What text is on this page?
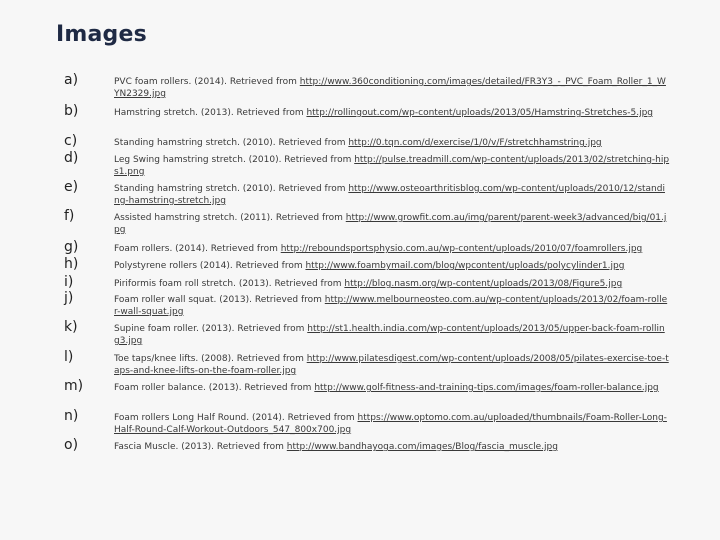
Images
a)	PVC foam rollers. (2014). Retrieved from http://www.360conditioning.com/images/detailed/FR3Y3_-_PVC_Foam_Roller_1_WYN2329.jpg
b)	Hamstring stretch. (2013). Retrieved from http://rollingout.com/wp-content/uploads/2013/05/Hamstring-Stretches-5.jpg
c)	Standing hamstring stretch. (2010). Retrieved from http://0.tqn.com/d/exercise/1/0/v/F/stretchhamstring.jpg
d)	Leg Swing hamstring stretch. (2010). Retrieved from http://pulse.treadmill.com/wp-content/uploads/2013/02/stretching-hips1.png
e)	Standing hamstring stretch. (2010). Retrieved from http://www.osteoarthritisblog.com/wp-content/uploads/2010/12/standing-hamstring-stretch.jpg
f)	Assisted hamstring stretch. (2011). Retrieved from http://www.growfit.com.au/img/parent/parent-week3/advanced/big/01.jpg
g)	Foam rollers. (2014). Retrieved from http://reboundsportsphysio.com.au/wp-content/uploads/2010/07/foamrollers.jpg
h)	Polystyrene rollers (2014). Retrieved from http://www.foambymail.com/blog/wpcontent/uploads/polycylinder1.jpg
i)	Piriformis foam roll stretch. (2013). Retrieved from http://blog.nasm.org/wp-content/uploads/2013/08/Figure5.jpg
j)	Foam roller wall squat. (2013). Retrieved from http://www.melbourneosteo.com.au/wp-content/uploads/2013/02/foam-roller-wall-squat.jpg
k)	Supine foam roller. (2013). Retrieved from http://st1.health.india.com/wp-content/uploads/2013/05/upper-back-foam-rolling3.jpg
l)	Toe taps/knee lifts. (2008). Retrieved from http://www.pilatesdigest.com/wp-content/uploads/2008/05/pilates-exercise-toe-taps-and-knee-lifts-on-the-foam-roller.jpg
m)	Foam roller balance. (2013). Retrieved from http://www.golf-fitness-and-training-tips.com/images/foam-roller-balance.jpg
n)	Foam rollers Long Half Round. (2014). Retrieved from https://www.optomo.com.au/uploaded/thumbnails/Foam-Roller-Long-Half-Round-Calf-Workout-Outdoors_547_800x700.jpg
o)	Fascia Muscle. (2013). Retrieved from http://www.bandhayoga.com/images/Blog/fascia_muscle.jpg
